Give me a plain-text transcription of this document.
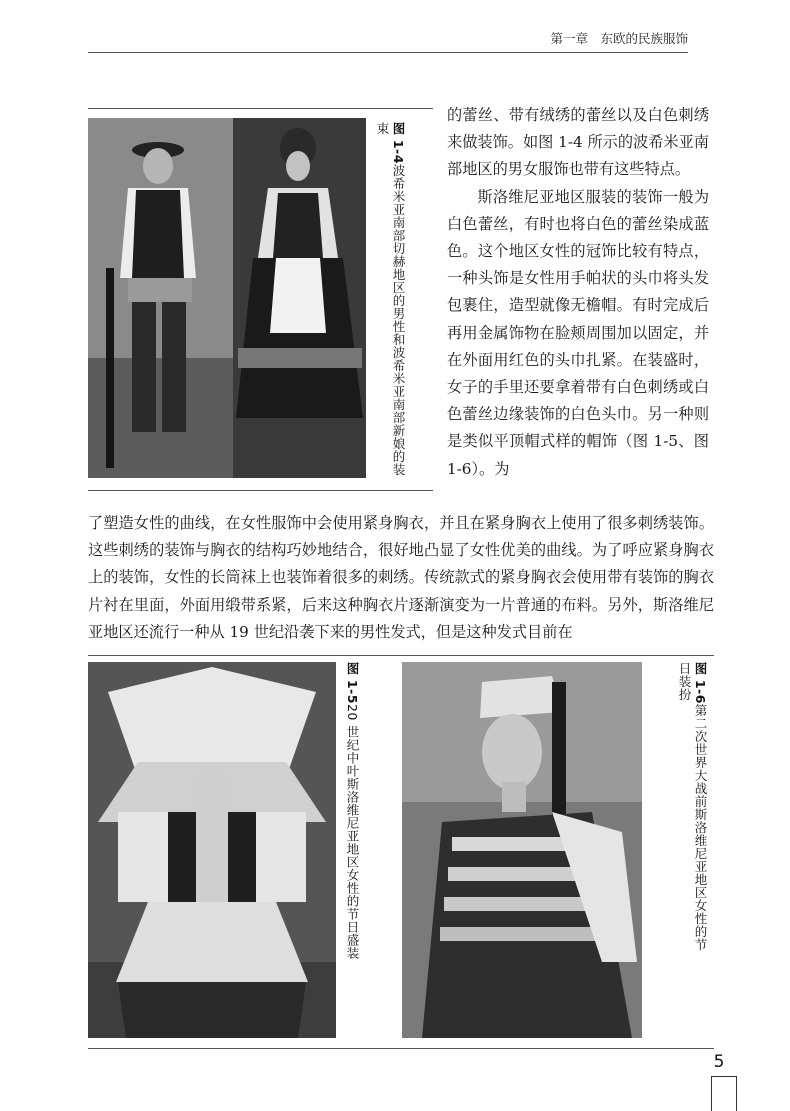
第一章　东欧的民族服饰
图 1-4波希米亚南部切赫地区的男性和波希米亚南部新娘的装束

的蕾丝、带有绒绣的蕾丝以及白色刺绣来做装饰。如图 1-4 所示的波希米亚南部地区的男女服饰也带有这些特点。

斯洛维尼亚地区服装的装饰一般为白色蕾丝，有时也将白色的蕾丝染成蓝色。这个地区女性的冠饰比较有特点，一种头饰是女性用手帕状的头巾将头发包裹住，造型就像无檐帽。有时完成后再用金属饰物在脸颊周围加以固定，并在外面用红色的头巾扎紧。在装盛时，女子的手里还要拿着带有白色刺绣或白色蕾丝边缘装饰的白色头巾。另一种则是类似平顶帽式样的帽饰（图 1-5、图 1-6）。为

了塑造女性的曲线，在女性服饰中会使用紧身胸衣，并且在紧身胸衣上使用了很多刺绣装饰。这些刺绣的装饰与胸衣的结构巧妙地结合，很好地凸显了女性优美的曲线。为了呼应紧身胸衣上的装饰，女性的长筒袜上也装饰着很多的刺绣。传统款式的紧身胸衣会使用带有装饰的胸衣片衬在里面，外面用缎带系紧，后来这种胸衣片逐渐演变为一片普通的布料。另外，斯洛维尼亚地区还流行一种从 19 世纪沿袭下来的男性发式，但是这种发式目前在

图 1-520 世纪中叶斯洛维尼亚地区女性的节日盛装
图 1-6第二次世界大战前斯洛维尼亚地区女性的节日装扮
5
